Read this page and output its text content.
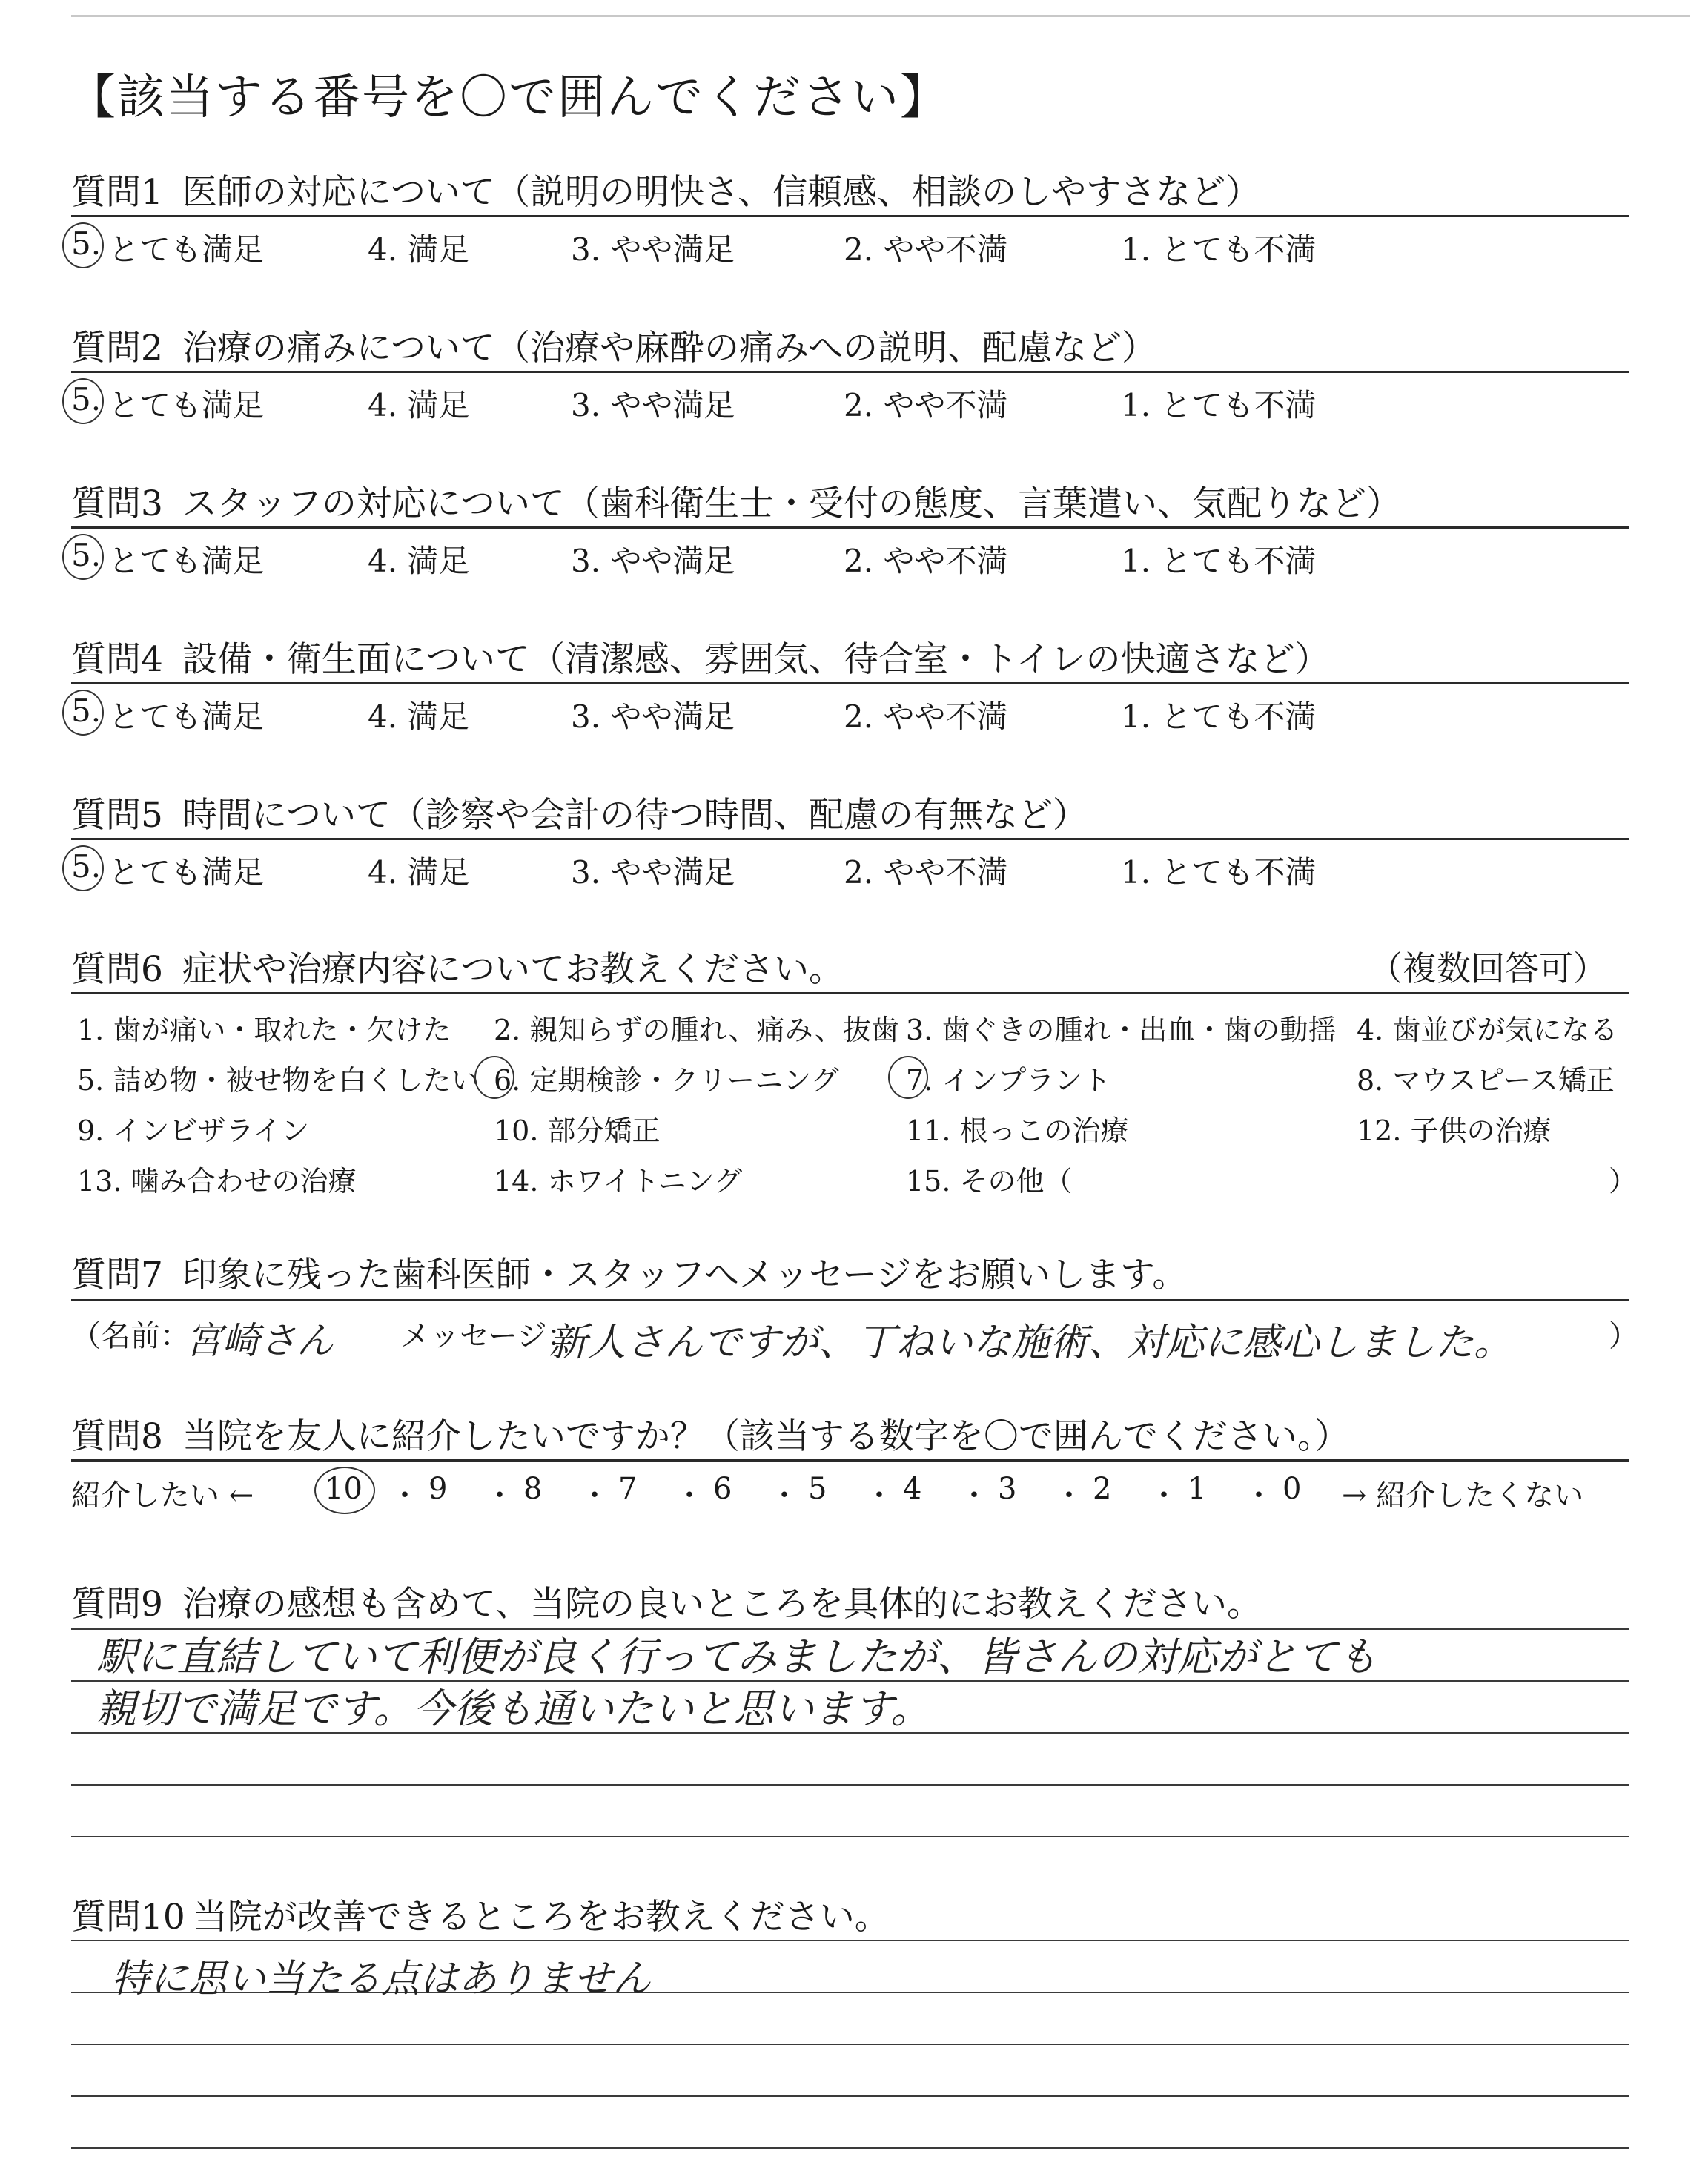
【該当する番号を〇で囲んでください】
質問1 医師の対応について（説明の明快さ、信頼感、相談のしやすさなど）
5. とても満足	4. 満足	3. やや満足	2. やや不満	1. とても不満
質問2 治療の痛みについて（治療や麻酔の痛みへの説明、配慮など）
5. とても満足	4. 満足	3. やや満足	2. やや不満	1. とても不満
質問3 スタッフの対応について（歯科衛生士・受付の態度、言葉遣い、気配りなど）
5. とても満足	4. 満足	3. やや満足	2. やや不満	1. とても不満
質問4 設備・衛生面について（清潔感、雰囲気、待合室・トイレの快適さなど）
5. とても満足	4. 満足	3. やや満足	2. やや不満	1. とても不満
質問5 時間について（診察や会計の待つ時間、配慮の有無など）
5. とても満足	4. 満足	3. やや満足	2. やや不満	1. とても不満
質問6 症状や治療内容についてお教えください。	（複数回答可）
1. 歯が痛い・取れた・欠けた 2. 親知らずの腫れ、痛み、抜歯 3. 歯ぐきの腫れ・出血・歯の動揺 4. 歯並びが気になる
5. 詰め物・被せ物を白くしたい 6. 定期検診・クリーニング 7. インプラント	8. マウスピース矯正
9. インビザライン	10. 部分矯正	11. 根っこの治療	12. 子供の治療
13. 噛み合わせの治療	14. ホワイトニング	15. その他（	）
質問7 印象に残った歯科医師・スタッフへメッセージをお願いします。
（名前：
宮崎さん メッセージ：
新人さんですが、丁ねいな施術、対応に感心しました。	）
質問8 当院を友人に紹介したいですか？（該当する数字を〇で囲んでください。）
紹介したい ←	→ 紹介したくない
10 ・ 9 ・ 8 ・ 7 ・ 6 ・ 5 ・ 4 ・ 3 ・ 2 ・ 1 ・ 0
質問9 治療の感想も含めて、当院の良いところを具体的にお教えください。
駅に直結していて利便が良く行ってみましたが、皆さんの対応がとても
親切で満足です。今後も通いたいと思います。
質問10 当院が改善できるところをお教えください。
特に思い当たる点はありません
